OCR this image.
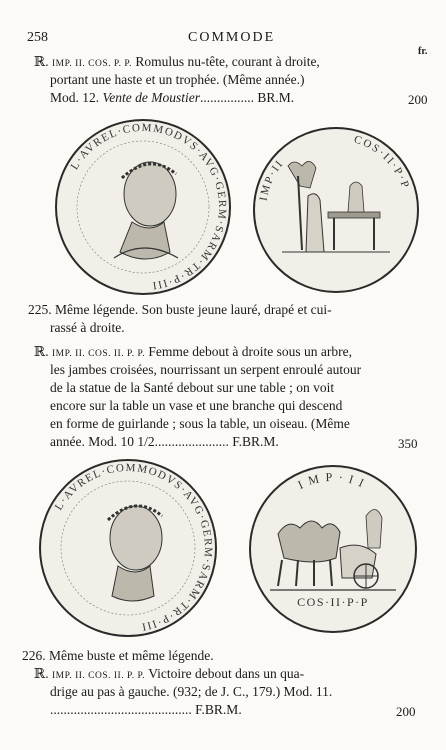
258	COMMODE
fr.
ℝ. IMP. II. COS. P. P. Romulus nu-tête, courant à droite,
portant une haste et un trophée. (Même année.)
Mod. 12. Vente de Moustier................ BR.M.	200
L·AVREL·COMMODVS·AVG·GERM·SARM·TR·P·III
IMP·II
COS·II·P·P
225. Même légende. Son buste jeune lauré, drapé et cui-
rassé à droite.
ℝ. IMP. II. COS. II. P. P. Femme debout à droite sous un arbre,
les jambes croisées, nourrissant un serpent enroulé autour
de la statue de la Santé debout sur une table ; on voit
encore sur la table un vase et une branche qui descend
en forme de guirlande ; sous la table, un oiseau. (Même
année. Mod. 10 1/2...................... F.BR.M.	350
L·AVREL·COMMODVS·AVG·GERM·SARM·TR·P·III
IMP·II
COS·II·P·P
226. Même buste et même légende.
ℝ. IMP. II. COS. II. P. P. Victoire debout dans un qua-
drige au pas à gauche. (932; de J. C., 179.) Mod. 11.
.......................................... F.BR.M.	200
